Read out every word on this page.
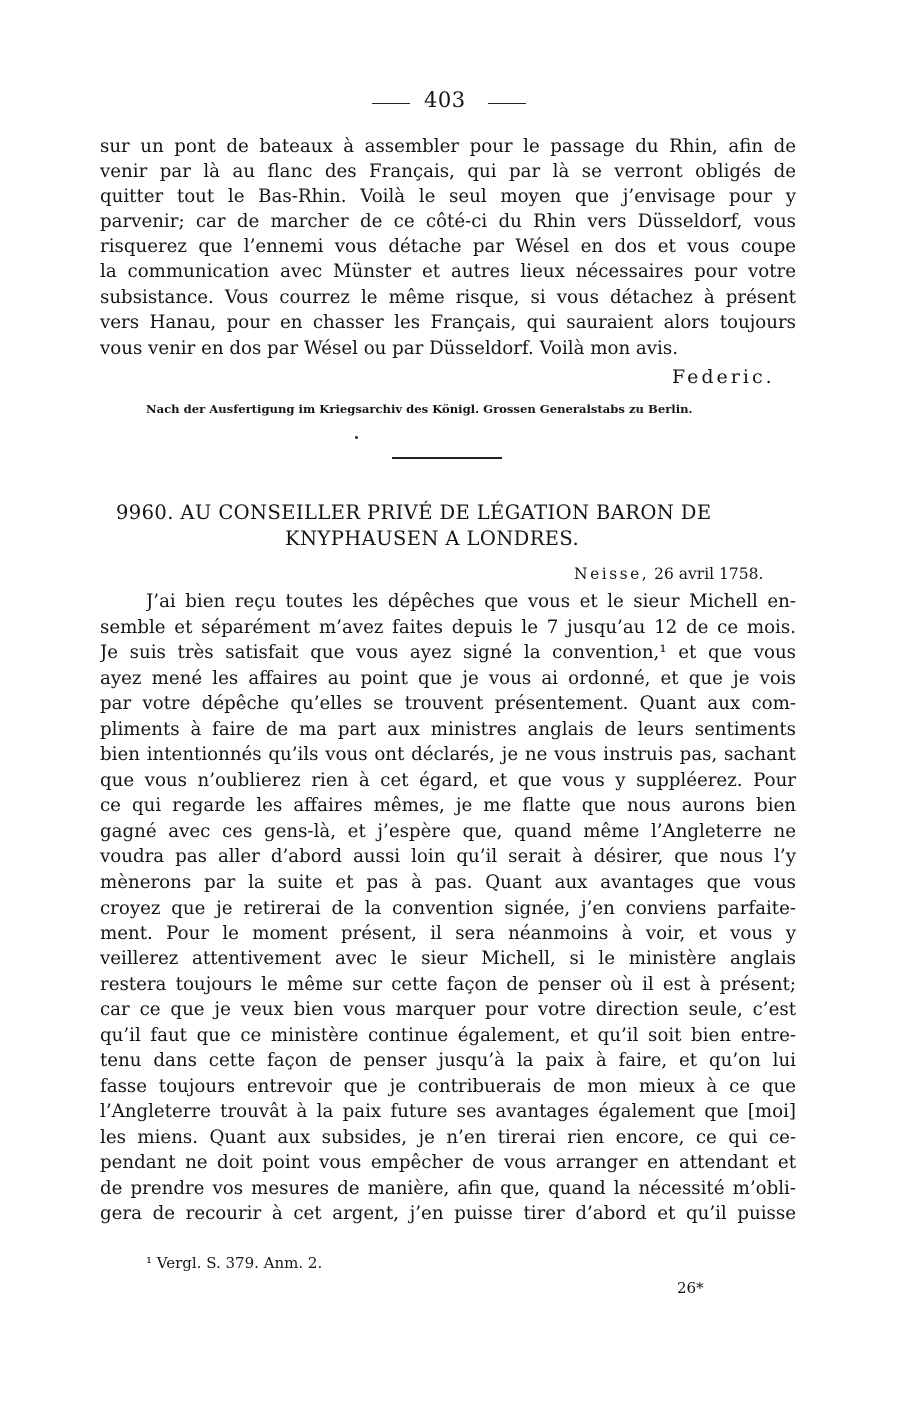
403
sur un pont de bateaux à assembler pour le passage du Rhin, afin de
venir par là au flanc des Français, qui par là se verront obligés de
quitter tout le Bas-Rhin. Voilà le seul moyen que j’envisage pour y
parvenir; car de marcher de ce côté-ci du Rhin vers Düsseldorf, vous
risquerez que l’ennemi vous détache par Wésel en dos et vous coupe
la communication avec Münster et autres lieux nécessaires pour votre
subsistance. Vous courrez le même risque, si vous détachez à présent
vers Hanau, pour en chasser les Français, qui sauraient alors toujours
vous venir en dos par Wésel ou par Düsseldorf. Voilà mon avis.
Federic.
Nach der Ausfertigung im Kriegsarchiv des Königl. Grossen Generalstabs zu Berlin.
9960. AU CONSEILLER PRIVÉ DE LÉGATION BARON DE
KNYPHAUSEN A LONDRES.
Neisse, 26 avril 1758.
J’ai bien reçu toutes les dépêches que vous et le sieur Michell en-
semble et séparément m’avez faites depuis le 7 jusqu’au 12 de ce mois.
Je suis très satisfait que vous ayez signé la convention,¹ et que vous
ayez mené les affaires au point que je vous ai ordonné, et que je vois
par votre dépêche qu’elles se trouvent présentement. Quant aux com-
pliments à faire de ma part aux ministres anglais de leurs sentiments
bien intentionnés qu’ils vous ont déclarés, je ne vous instruis pas, sachant
que vous n’oublierez rien à cet égard, et que vous y suppléerez. Pour
ce qui regarde les affaires mêmes, je me flatte que nous aurons bien
gagné avec ces gens-là, et j’espère que, quand même l’Angleterre ne
voudra pas aller d’abord aussi loin qu’il serait à désirer, que nous l’y
mènerons par la suite et pas à pas. Quant aux avantages que vous
croyez que je retirerai de la convention signée, j’en conviens parfaite-
ment. Pour le moment présent, il sera néanmoins à voir, et vous y
veillerez attentivement avec le sieur Michell, si le ministère anglais
restera toujours le même sur cette façon de penser où il est à présent;
car ce que je veux bien vous marquer pour votre direction seule, c’est
qu’il faut que ce ministère continue également, et qu’il soit bien entre-
tenu dans cette façon de penser jusqu’à la paix à faire, et qu’on lui
fasse toujours entrevoir que je contribuerais de mon mieux à ce que
l’Angleterre trouvât à la paix future ses avantages également que [moi]
les miens. Quant aux subsides, je n’en tirerai rien encore, ce qui ce-
pendant ne doit point vous empêcher de vous arranger en attendant et
de prendre vos mesures de manière, afin que, quand la nécessité m’obli-
gera de recourir à cet argent, j’en puisse tirer d’abord et qu’il puisse
¹ Vergl. S. 379. Anm. 2.
26*
